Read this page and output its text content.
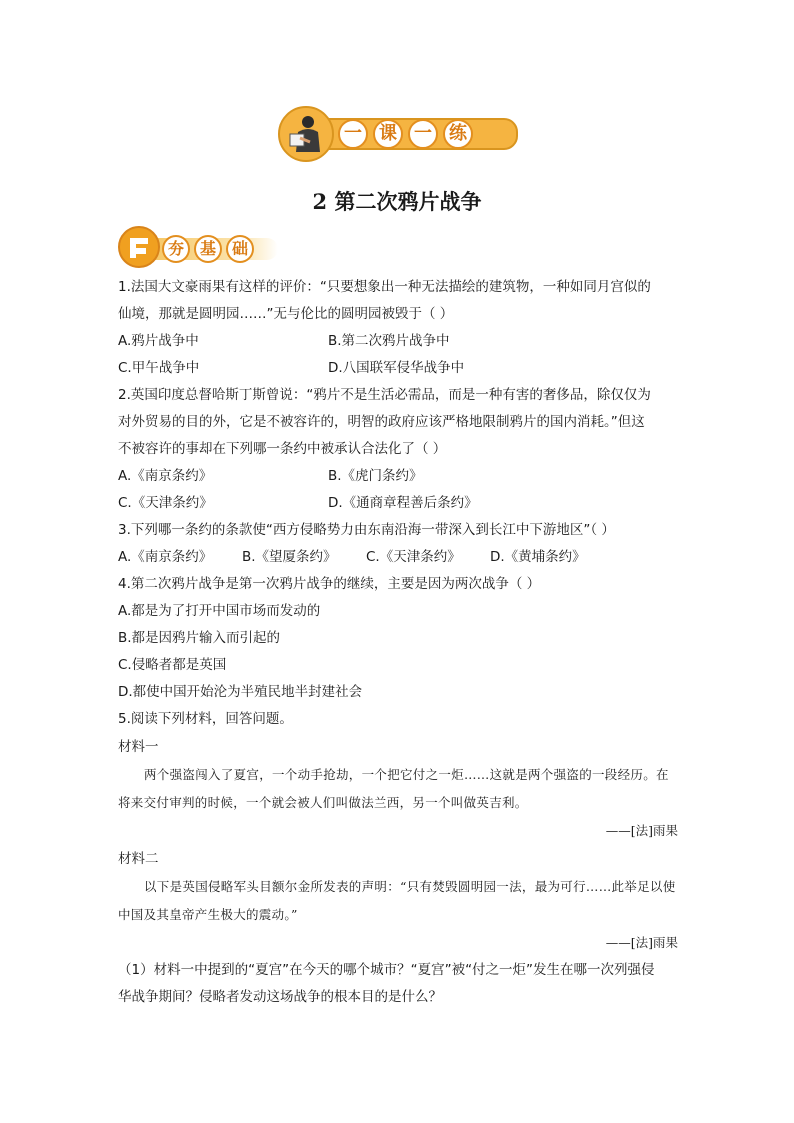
一 课 一 练
2 第二次鸦片战争
夯 基 础
1.法国大文豪雨果有这样的评价：“只要想象出一种无法描绘的建筑物，一种如同月宫似的
仙境，那就是圆明园……”无与伦比的圆明园被毁于（ ）
A.鸦片战争中	B.第二次鸦片战争中
C.甲午战争中	D.八国联军侵华战争中
2.英国印度总督哈斯丁斯曾说：“鸦片不是生活必需品，而是一种有害的奢侈品，除仅仅为
对外贸易的目的外，它是不被容许的，明智的政府应该严格地限制鸦片的国内消耗。”但这
不被容许的事却在下列哪一条约中被承认合法化了（ ）
A.《南京条约》	B.《虎门条约》
C.《天津条约》	D.《通商章程善后条约》
3.下列哪一条约的条款使“西方侵略势力由东南沿海一带深入到长江中下游地区”（ ）
A.《南京条约》	B.《望厦条约》	C.《天津条约》	D.《黄埔条约》
4.第二次鸦片战争是第一次鸦片战争的继续，主要是因为两次战争（ ）
A.都是为了打开中国市场而发动的
B.都是因鸦片输入而引起的
C.侵略者都是英国
D.都使中国开始沦为半殖民地半封建社会
5.阅读下列材料，回答问题。
材料一
两个强盗闯入了夏宫，一个动手抢劫，一个把它付之一炬……这就是两个强盗的一段经历。在将来交付审判的时候，一个就会被人们叫做法兰西，另一个叫做英吉利。
——[法]雨果
材料二
以下是英国侵略军头目额尔金所发表的声明：“只有焚毁圆明园一法，最为可行……此举足以使中国及其皇帝产生极大的震动。”
——[法]雨果
（1）材料一中提到的“夏宫”在今天的哪个城市？“夏宫”被“付之一炬”发生在哪一次列强侵
华战争期间？侵略者发动这场战争的根本目的是什么？
